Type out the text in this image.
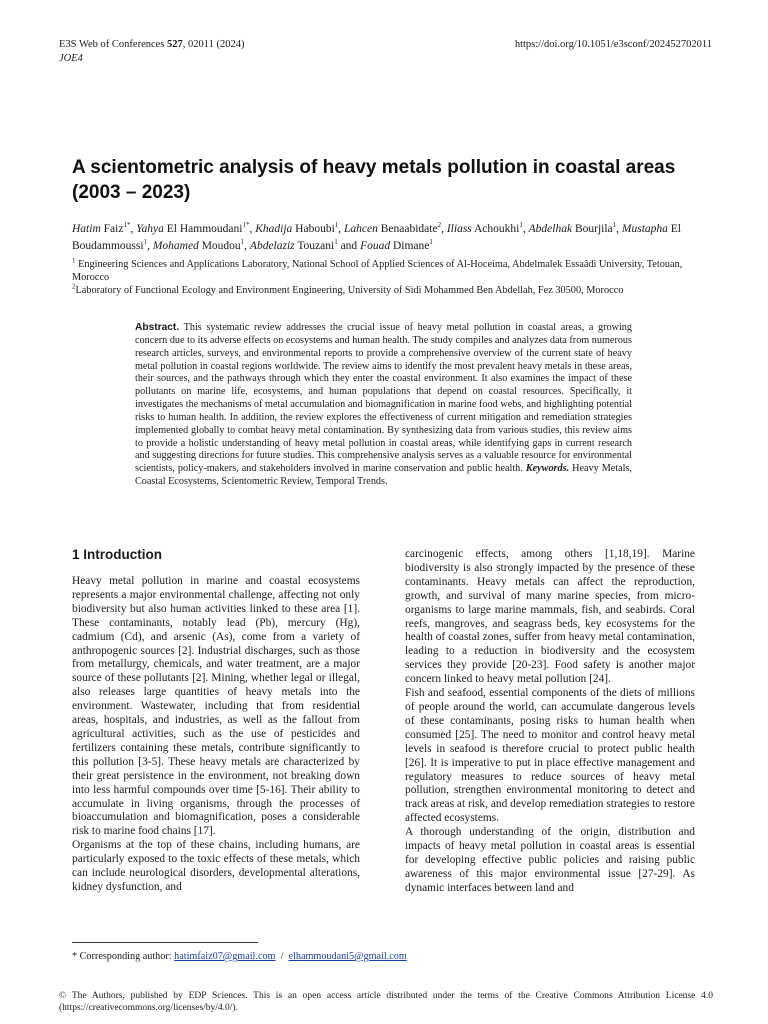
E3S Web of Conferences 527, 02011 (2024)
JOE4
https://doi.org/10.1051/e3sconf/202452702011
A scientometric analysis of heavy metals pollution in coastal areas (2003 – 2023)
Hatim Faiz$^{1*}$, Yahya El Hammoudani$^{1*}$, Khadija Haboubi$^1$, Lahcen Benaabidate$^2$, Iliass Achoukhi$^1$, Abdelhak Bourjila$^1$, Mustapha El Boudammoussi$^1$, Mohamed Moudou$^1$, Abdelaziz Touzani$^1$ and Fouad Dimane$^1$
$^1$ Engineering Sciences and Applications Laboratory, National School of Applied Sciences of Al-Hoceima, Abdelmalek Essaâdi University, Tetouan, Morocco
$^2$Laboratory of Functional Ecology and Environment Engineering, University of Sidi Mohammed Ben Abdellah, Fez 30500, Morocco
Abstract. This systematic review addresses the crucial issue of heavy metal pollution in coastal areas, a growing concern due to its adverse effects on ecosystems and human health. The study compiles and analyzes data from numerous research articles, surveys, and environmental reports to provide a comprehensive overview of the current state of heavy metal pollution in coastal regions worldwide. The review aims to identify the most prevalent heavy metals in these areas, their sources, and the pathways through which they enter the coastal environment. It also examines the impact of these pollutants on marine life, ecosystems, and human populations that depend on coastal resources. Specifically, it investigates the mechanisms of metal accumulation and biomagnification in marine food webs, and highlighting potential risks to human health. In addition, the review explores the effectiveness of current mitigation and remediation strategies implemented globally to combat heavy metal contamination. By synthesizing data from various studies, this review aims to provide a holistic understanding of heavy metal pollution in coastal areas, while identifying gaps in current research and suggesting directions for future studies. This comprehensive analysis serves as a valuable resource for environmental scientists, policy-makers, and stakeholders involved in marine conservation and public health. Keywords. Heavy Metals, Coastal Ecosystems, Scientometric Review, Temporal Trends.
1 Introduction

Heavy metal pollution in marine and coastal ecosystems represents a major environmental challenge, affecting not only biodiversity but also human activities linked to these area [1]. These contaminants, notably lead (Pb), mercury (Hg), cadmium (Cd), and arsenic (As), come from a variety of anthropogenic sources [2]. Industrial discharges, such as those from metallurgy, chemicals, and water treatment, are a major source of these pollutants [2]. Mining, whether legal or illegal, also releases large quantities of heavy metals into the environment. Wastewater, including that from residential areas, hospitals, and industries, as well as the fallout from agricultural activities, such as the use of pesticides and fertilizers containing these metals, contribute significantly to this pollution [3-5]. These heavy metals are characterized by their great persistence in the environment, not breaking down into less harmful compounds over time [5-16]. Their ability to accumulate in living organisms, through the processes of bioaccumulation and biomagnification, poses a considerable risk to marine food chains [17].

Organisms at the top of these chains, including humans, are particularly exposed to the toxic effects of these metals, which can include neurological disorders, developmental alterations, kidney dysfunction, and

carcinogenic effects, among others [1,18,19]. Marine biodiversity is also strongly impacted by the presence of these contaminants. Heavy metals can affect the reproduction, growth, and survival of many marine species, from micro-organisms to large marine mammals, fish, and seabirds. Coral reefs, mangroves, and seagrass beds, key ecosystems for the health of coastal zones, suffer from heavy metal contamination, leading to a reduction in biodiversity and the ecosystem services they provide [20-23]. Food safety is another major concern linked to heavy metal pollution [24].

Fish and seafood, essential components of the diets of millions of people around the world, can accumulate dangerous levels of these contaminants, posing risks to human health when consumed [25]. The need to monitor and control heavy metal levels in seafood is therefore crucial to protect public health [26]. It is imperative to put in place effective management and regulatory measures to reduce sources of heavy metal pollution, strengthen environmental monitoring to detect and track areas at risk, and develop remediation strategies to restore affected ecosystems.

A thorough understanding of the origin, distribution and impacts of heavy metal pollution in coastal areas is essential for developing effective public policies and raising public awareness of this major environmental issue [27-29]. As dynamic interfaces between land and

* Corresponding author: hatimfaiz07@gmail.com  /  elhammoudani5@gmail.com
© The Authors, published by EDP Sciences. This is an open access article distributed under the terms of the Creative Commons Attribution License 4.0 (https://creativecommons.org/licenses/by/4.0/).
